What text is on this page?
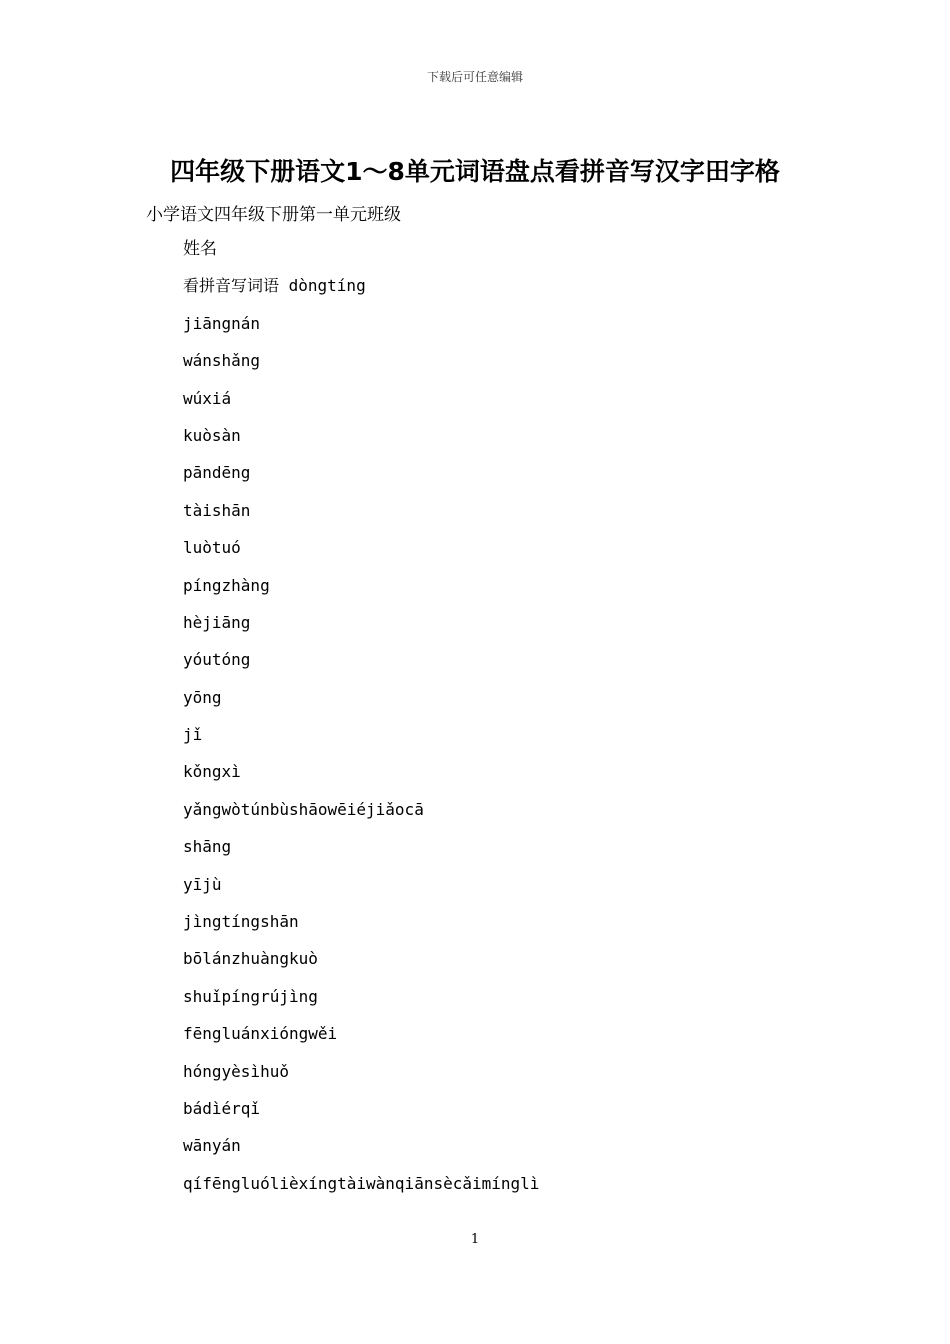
下载后可任意编辑
四年级下册语文1～8单元词语盘点看拼音写汉字田字格
小学语文四年级下册第一单元班级
姓名
看拼音写词语 dòngtíng
jiāngnán
wánshǎng
wúxiá
kuòsàn
pāndēng
tàishān
luòtuó
píngzhàng
hèjiāng
yóutóng
yōng
jǐ
kǒngxì
yǎngwòtúnbùshāowēiéjiǎocā
shāng
yījù
jìngtíngshān
bōlánzhuàngkuò
shuǐpíngrújìng
fēngluánxióngwěi
hóngyèsìhuǒ
bádìérqǐ
wānyán
qífēngluólièxíngtàiwànqiānsècǎimínglì
1
